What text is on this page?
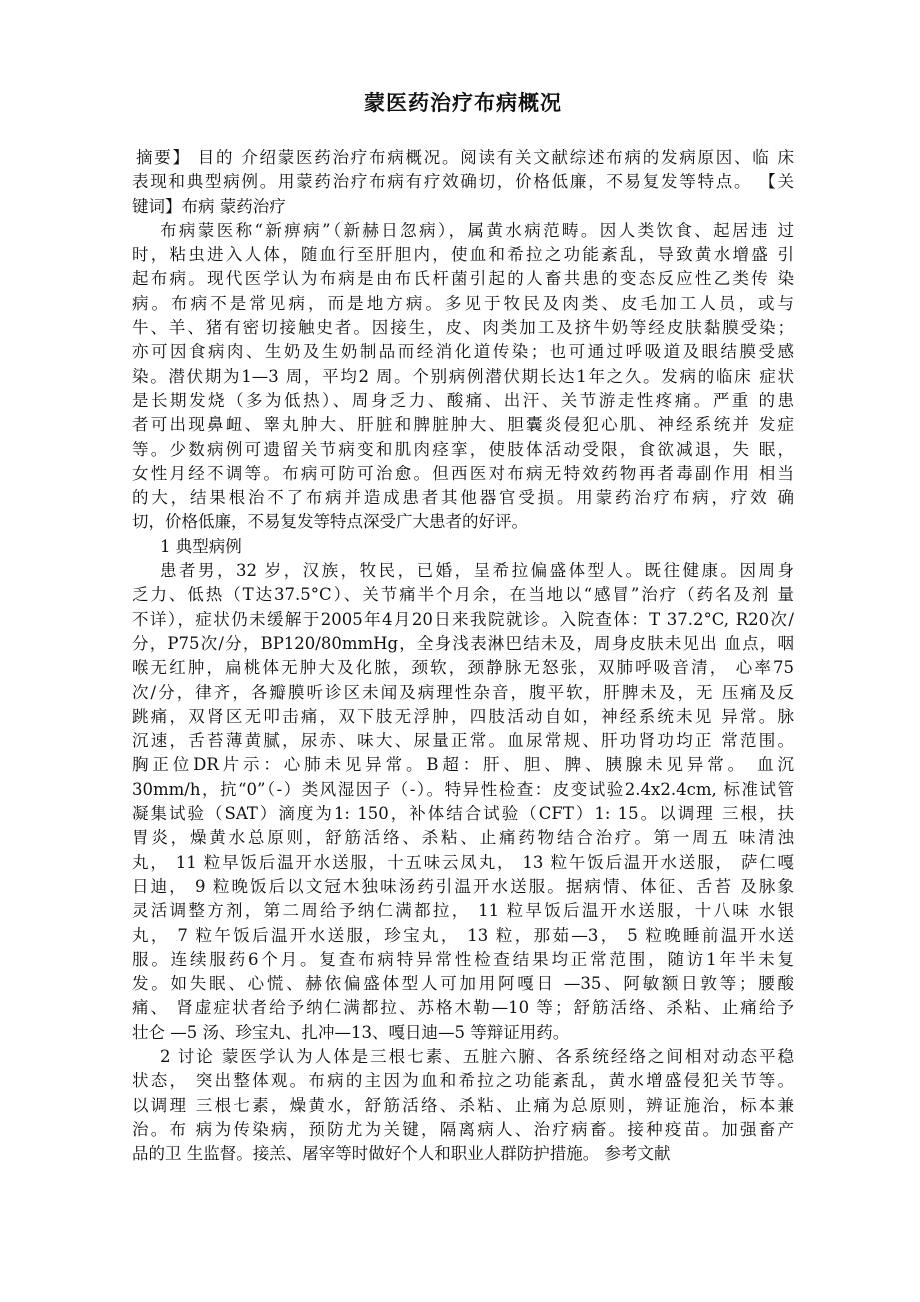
蒙医药治疗布病概况
摘要】 目的 介绍蒙医药治疗布病概况。阅读有关文献综述布病的发病原因、临 床
表现和典型病例。用蒙药治疗布病有疗效确切，价格低廉，不易复发等特点。 【关
键词】布病 蒙药治疗
布病蒙医称“新痹病”（新赫日忽病），属黄水病范畴。因人类饮食、起居违 过
时，粘虫进入人体，随血行至肝胆内，使血和希拉之功能紊乱，导致黄水增盛 引
起布病。现代医学认为布病是由布氏杆菌引起的人畜共患的变态反应性乙类传 染
病。布病不是常见病，而是地方病。多见于牧民及肉类、皮毛加工人员，或与
牛、羊、猪有密切接触史者。因接生，皮、肉类加工及挤牛奶等经皮肤黏膜受染；
亦可因食病肉、生奶及生奶制品而经消化道传染；也可通过呼吸道及眼结膜受感
染。潜伏期为1—3 周，平均2 周。个别病例潜伏期长达1年之久。发病的临床 症状
是长期发烧（多为低热）、周身乏力、酸痛、出汗、关节游走性疼痛。严重 的患
者可出现鼻衄、睾丸肿大、肝脏和脾脏肿大、胆囊炎侵犯心肌、神经系统并 发症
等。少数病例可遗留关节病变和肌肉痉挛，使肢体活动受限，食欲减退，失 眠，
女性月经不调等。布病可防可治愈。但西医对布病无特效药物再者毒副作用 相当
的大，结果根治不了布病并造成患者其他器官受损。用蒙药治疗布病，疗效 确
切，价格低廉，不易复发等特点深受广大患者的好评。
1 典型病例
患者男，32 岁，汉族，牧民，已婚，呈希拉偏盛体型人。既往健康。因周身
乏力、低热（T达37.5°C）、关节痛半个月余，在当地以“感冒”治疗（药名及剂 量
不详），症状仍未缓解于2005年4月20日来我院就诊。入院查体：T 37.2°C, R20次/
分，P75次/分，BP120/80mmHg，全身浅表淋巴结未及，周身皮肤未见出 血点，咽
喉无红肿，扁桃体无肿大及化脓，颈软，颈静脉无怒张，双肺呼吸音清， 心率75
次/分，律齐，各瓣膜听诊区未闻及病理性杂音，腹平软，肝脾未及，无 压痛及反
跳痛，双肾区无叩击痛，双下肢无浮肿，四肢活动自如，神经系统未见 异常。脉
沉速，舌苔薄黄腻，尿赤、味大、尿量正常。血尿常规、肝功肾功均正 常范围。
胸正位DR片示：心肺未见异常。B超：肝、胆、脾、胰腺未见异常。 血沉
30mm/h，抗“0”（-）类风湿因子（-）。特异性检查：皮变试验2.4x2.4cm, 标准试管
凝集试验（SAT）滴度为1: 150，补体结合试验（CFT）1: 15。以调理 三根，扶
胃炎，燥黄水总原则，舒筋活络、杀粘、止痛药物结合治疗。第一周五 味清浊
丸， 11 粒早饭后温开水送服，十五味云凤丸， 13 粒午饭后温开水送服， 萨仁嘎
日迪， 9 粒晚饭后以文冠木独味汤药引温开水送服。据病情、体征、舌苔 及脉象
灵活调整方剂，第二周给予纳仁满都拉， 11 粒早饭后温开水送服，十八味 水银
丸， 7 粒午饭后温开水送服，珍宝丸， 13 粒，那茹—3， 5 粒晚睡前温开水送
服。连续服药6个月。复查布病特异常性检查结果均正常范围，随访1年半未复
发。如失眠、心慌、赫依偏盛体型人可加用阿嘎日 —35、阿敏额日敦等；腰酸
痛、 肾虚症状者给予纳仁满都拉、苏格木勒—10 等；舒筋活络、杀粘、止痛给予
壮仑 —5 汤、珍宝丸、扎冲—13、嘎日迪—5 等辩证用药。
2 讨论 蒙医学认为人体是三根七素、五脏六腑、各系统经络之间相对动态平稳
状态， 突出整体观。布病的主因为血和希拉之功能紊乱，黄水增盛侵犯关节等。
以调理 三根七素，燥黄水，舒筋活络、杀粘、止痛为总原则，辨证施治，标本兼
治。布 病为传染病，预防尤为关键，隔离病人、治疗病畜。接种疫苗。加强畜产
品的卫 生监督。接羔、屠宰等时做好个人和职业人群防护措施。 参考文献
